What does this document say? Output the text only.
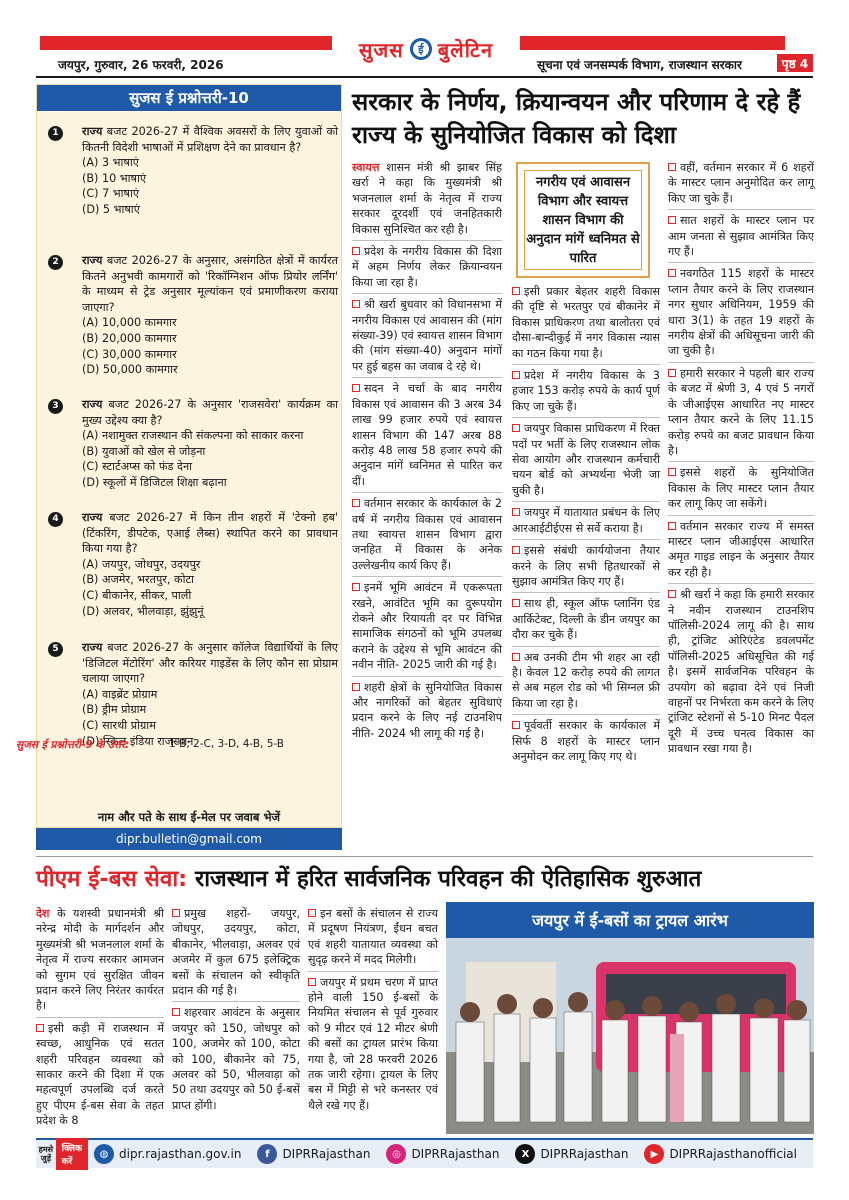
सुजस	ई बुलेटिन
जयपुर, गुरुवार, 26 फरवरी, 2026	सूचना एवं जनसम्पर्क विभाग, राजस्थान सरकार	पृष्ठ 4
सुजस ई प्रश्नोत्तरी-10
1	राज्य बजट 2026-27 में वैश्विक अवसरों के लिए युवाओं को कितनी विदेशी भाषाओं में प्रशिक्षण देने का प्रावधान है?
(A) 3 भाषाएं
(B) 10 भाषाएं
(C) 7 भाषाएं
(D) 5 भाषाएं
2	राज्य बजट 2026-27 के अनुसार, असंगठित क्षेत्रों में कार्यरत कितने अनुभवी कामगारों को 'रिकॉग्निशन ऑफ प्रियोर लर्निंग' के माध्यम से ट्रेड अनुसार मूल्यांकन एवं प्रमाणीकरण कराया जाएगा?
(A) 10,000 कामगार
(B) 20,000 कामगार
(C) 30,000 कामगार
(D) 50,000 कामगार
3	राज्य बजट 2026-27 के अनुसार 'राजसवेरा' कार्यक्रम का मुख्य उद्देश्य क्या है?
(A) नशामुक्त राजस्थान की संकल्पना को साकार करना
(B) युवाओं को खेल से जोड़ना
(C) स्टार्टअप्स को फंड देना
(D) स्कूलों में डिजिटल शिक्षा बढ़ाना
4	राज्य बजट 2026-27 में किन तीन शहरों में 'टेक्नो हब' (टिंकरिंग, डीपटेक, एआई लैब्स) स्थापित करने का प्रावधान किया गया है?
(A) जयपुर, जोधपुर, उदयपुर
(B) अजमेर, भरतपुर, कोटा
(C) बीकानेर, सीकर, पाली
(D) अलवर, भीलवाड़ा, झुंझुनूं
5	राज्य बजट 2026-27 के अनुसार कॉलेज विद्यार्थियों के लिए 'डिजिटल मेंटोरिंग' और करियर गाइडेंस के लिए कौन सा प्रोग्राम चलाया जाएगा?
(A) वाइब्रेंट प्रोग्राम
(B) ड्रीम प्रोग्राम
(C) सारथी प्रोग्राम
(D) स्किल इंडिया राजस्थान
सुजस ई प्रश्नोत्तरी-9 के उत्तर:	1-B, 2-C, 3-D, 4-B, 5-B
नाम और पते के साथ ई-मेल पर जवाब भेजें
dipr.bulletin@gmail.com
सरकार के निर्णय, क्रियान्वयन और परिणाम दे रहे हैं राज्य के सुनियोजित विकास को दिशा

स्वायत्त शासन मंत्री श्री झाबर सिंह खर्रा ने कहा कि मुख्यमंत्री श्री भजनलाल शर्मा के नेतृत्व में राज्य सरकार दूरदर्शी एवं जनहितकारी विकास सुनिश्चित कर रही है।

प्रदेश के नगरीय विकास की दिशा में अहम निर्णय लेकर क्रियान्वयन किया जा रहा है।

श्री खर्रा बुधवार को विधानसभा में नगरीय विकास एवं आवासन की (मांग संख्या-39) एवं स्वायत्त शासन विभाग की (मांग संख्या-40) अनुदान मांगों पर हुई बहस का जवाब दे रहे थे।

सदन ने चर्चा के बाद नगरीय विकास एवं आवासन की 3 अरब 34 लाख 99 हजार रुपये एवं स्वायत्त शासन विभाग की 147 अरब 88 करोड़ 48 लाख 58 हजार रुपये की अनुदान मांगें ध्वनिमत से पारित कर दीं।

वर्तमान सरकार के कार्यकाल के 2 वर्ष में नगरीय विकास एवं आवासन तथा स्वायत्त शासन विभाग द्वारा जनहित में विकास के अनेक उल्लेखनीय कार्य किए हैं।

इनमें भूमि आवंटन में एकरूपता रखने, आवंटित भूमि का दुरूपयोग रोकने और रियायती दर पर विभिन्न सामाजिक संगठनों को भूमि उपलब्ध कराने के उद्देश्य से भूमि आवंटन की नवीन नीति- 2025 जारी की गई है।

शहरी क्षेत्रों के सुनियोजित विकास और नागरिकों को बेहतर सुविधाएं प्रदान करने के लिए नई टाउनशिप नीति- 2024 भी लागू की गई है।

नगरीय एवं आवासन विभाग और स्वायत्त शासन विभाग की अनुदान मांगें ध्वनिमत से पारित

इसी प्रकार बेहतर शहरी विकास की दृष्टि से भरतपुर एवं बीकानेर में विकास प्राधिकरण तथा बालोतरा एवं दौसा-बान्दीकुई में नगर विकास न्यास का गठन किया गया है।

प्रदेश में नगरीय विकास के 3 हजार 153 करोड़ रुपये के कार्य पूर्ण किए जा चुके हैं।

जयपुर विकास प्राधिकरण में रिक्त पदों पर भर्ती के लिए राजस्थान लोक सेवा आयोग और राजस्थान कर्मचारी चयन बोर्ड को अभ्यर्थना भेजी जा चुकी है।

जयपुर में यातायात प्रबंधन के लिए आरआईटीईएस से सर्वे कराया है।

इससे संबंधी कार्ययोजना तैयार करने के लिए सभी हितधारकों से सुझाव आमंत्रित किए गए हैं।

साथ ही, स्कूल ऑफ प्लानिंग एंड आर्किटेक्ट, दिल्ली के डीन जयपुर का दौरा कर चुके हैं।

अब उनकी टीम भी शहर आ रही है। केवल 12 करोड़ रुपये की लागत से अब महल रोड को भी सिग्नल फ्री किया जा रहा है।

पूर्ववर्ती सरकार के कार्यकाल में सिर्फ 8 शहरों के मास्टर प्लान अनुमोदन कर लागू किए गए थे।

वहीं, वर्तमान सरकार में 6 शहरों के मास्टर प्लान अनुमोदित कर लागू किए जा चुके हैं।

सात शहरों के मास्टर प्लान पर आम जनता से सुझाव आमंत्रित किए गए हैं।

नवगठित 115 शहरों के मास्टर प्लान तैयार करने के लिए राजस्थान नगर सुधार अधिनियम, 1959 की धारा 3(1) के तहत 19 शहरों के नगरीय क्षेत्रों की अधिसूचना जारी की जा चुकी है।

हमारी सरकार ने पहली बार राज्य के बजट में श्रेणी 3, 4 एवं 5 नगरों के जीआईएस आधारित नए मास्टर प्लान तैयार करने के लिए 11.15 करोड़ रुपये का बजट प्रावधान किया है।

इससे शहरों के सुनियोजित विकास के लिए मास्टर प्लान तैयार कर लागू किए जा सकेंगे।

वर्तमान सरकार राज्य में समस्त मास्टर प्लान जीआईएस आधारित अमृत गाइड लाइन के अनुसार तैयार कर रही है।

श्री खर्रा ने कहा कि हमारी सरकार ने नवीन राजस्थान टाउनशिप पॉलिसी-2024 लागू की है। साथ ही, ट्रांजिट ओरिएंटेड डवलपमेंट पॉलिसी-2025 अधिसूचित की गई है। इसमें सार्वजनिक परिवहन के उपयोग को बढ़ावा देने एवं निजी वाहनों पर निर्भरता कम करने के लिए ट्रांजिट स्टेशनों से 5-10 मिनट पैदल दूरी में उच्च घनत्व विकास का प्रावधान रखा गया है।

पीएम ई-बस सेवा: राजस्थान में हरित सार्वजनिक परिवहन की ऐतिहासिक शुरुआत

देश के यशस्वी प्रधानमंत्री श्री नरेन्द्र मोदी के मार्गदर्शन और मुख्यमंत्री श्री भजनलाल शर्मा के नेतृत्व में राज्य सरकार आमजन को सुगम एवं सुरक्षित जीवन प्रदान करने लिए निरंतर कार्यरत है।

इसी कड़ी में राजस्थान में स्वच्छ, आधुनिक एवं सतत शहरी परिवहन व्यवस्था को साकार करने की दिशा में एक महत्वपूर्ण उपलब्धि दर्ज करते हुए पीएम ई-बस सेवा के तहत प्रदेश के 8

प्रमुख शहरों- जयपुर, जोधपुर, उदयपुर, कोटा, बीकानेर, भीलवाड़ा, अलवर एवं अजमेर में कुल 675 इलेक्ट्रिक बसों के संचालन को स्वीकृति प्रदान की गई है।

शहरवार आवंटन के अनुसार जयपुर को 150, जोधपुर को 100, अजमेर को 100, कोटा को 100, बीकानेर को 75, अलवर को 50, भीलवाड़ा को 50 तथा उदयपुर को 50 ई-बसें प्राप्त होंगी।

इन बसों के संचालन से राज्य में प्रदूषण नियंत्रण, ईंधन बचत एवं शहरी यातायात व्यवस्था को सुदृढ़ करने में मदद मिलेगी।

जयपुर में प्रथम चरण में प्राप्त होने वाली 150 ई-बसों के नियमित संचालन से पूर्व गुरुवार को 9 मीटर एवं 12 मीटर श्रेणी की बसों का ट्रायल प्रारंभ किया गया है, जो 28 फरवरी 2026 तक जारी रहेगा। ट्रायल के लिए बस में मिट्टी से भरे कनस्तर एवं थैले रखे गए हैं।

जयपुर में ई-बसों का ट्रायल आरंभ
हमसे जुड़ें
क्लिक करें
◍ dipr.rajasthan.gov.in	f	DIPRRajasthan	◎ DIPRRajasthan	X DIPRRajasthan	▶ DIPRRajasthanofficial
